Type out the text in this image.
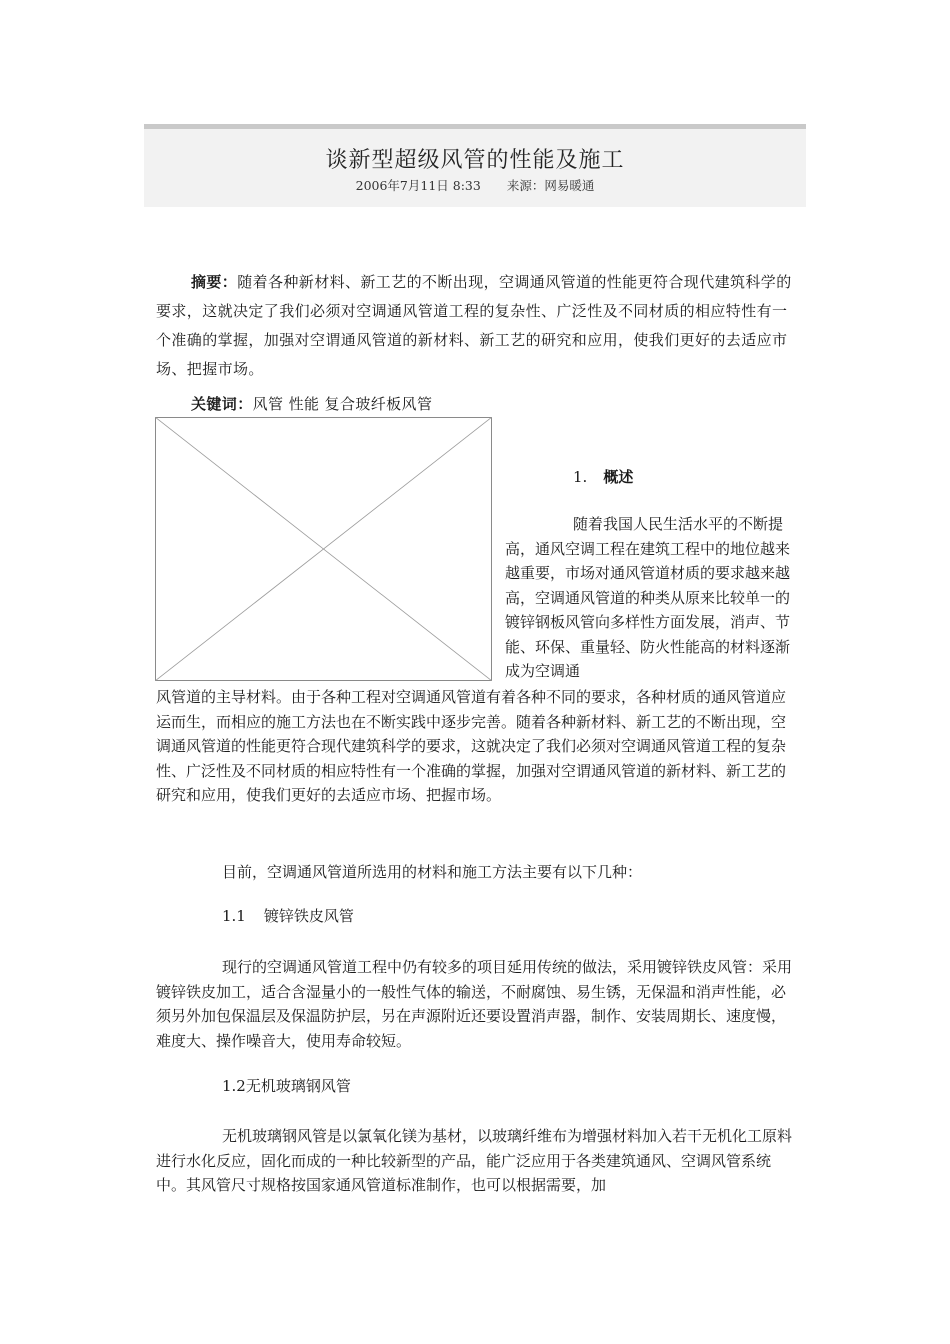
谈新型超级风管的性能及施工
2006年7月11日 8:33 来源：网易暖通

摘要：随着各种新材料、新工艺的不断出现，空调通风管道的性能更符合现代建筑科学的要求，这就决定了我们必须对空调通风管道工程的复杂性、广泛性及不同材质的相应特性有一个准确的掌握，加强对空谓通风管道的新材料、新工艺的研究和应用，使我们更好的去适应市场、把握市场。

关键词：风管 性能 复合玻纤板风管
1. 概述

随着我国人民生活水平的不断提高，通风空调工程在建筑工程中的地位越来越重要，市场对通风管道材质的要求越来越高，空调通风管道的种类从原来比较单一的镀锌钢板风管向多样性方面发展，消声、节能、环保、重量轻、防火性能高的材料逐渐成为空调通

风管道的主导材料。由于各种工程对空调通风管道有着各种不同的要求，各种材质的通风管道应运而生，而相应的施工方法也在不断实践中逐步完善。随着各种新材料、新工艺的不断出现，空调通风管道的性能更符合现代建筑科学的要求，这就决定了我们必须对空调通风管道工程的复杂性、广泛性及不同材质的相应特性有一个准确的掌握，加强对空谓通风管道的新材料、新工艺的研究和应用，使我们更好的去适应市场、把握市场。

目前，空调通风管道所选用的材料和施工方法主要有以下几种：

1.1 镀锌铁皮风管

现行的空调通风管道工程中仍有较多的项目延用传统的做法，采用镀锌铁皮风管：采用镀锌铁皮加工，适合含湿量小的一般性气体的输送，不耐腐蚀、易生锈，无保温和消声性能，必须另外加包保温层及保温防护层，另在声源附近还要设置消声器，制作、安装周期长、速度慢，难度大、操作噪音大，使用寿命较短。

1.2无机玻璃钢风管

无机玻璃钢风管是以氯氧化镁为基材，以玻璃纤维布为增强材料加入若干无机化工原料进行水化反应，固化而成的一种比较新型的产品，能广泛应用于各类建筑通风、空调风管系统中。其风管尺寸规格按国家通风管道标准制作，也可以根据需要，加
